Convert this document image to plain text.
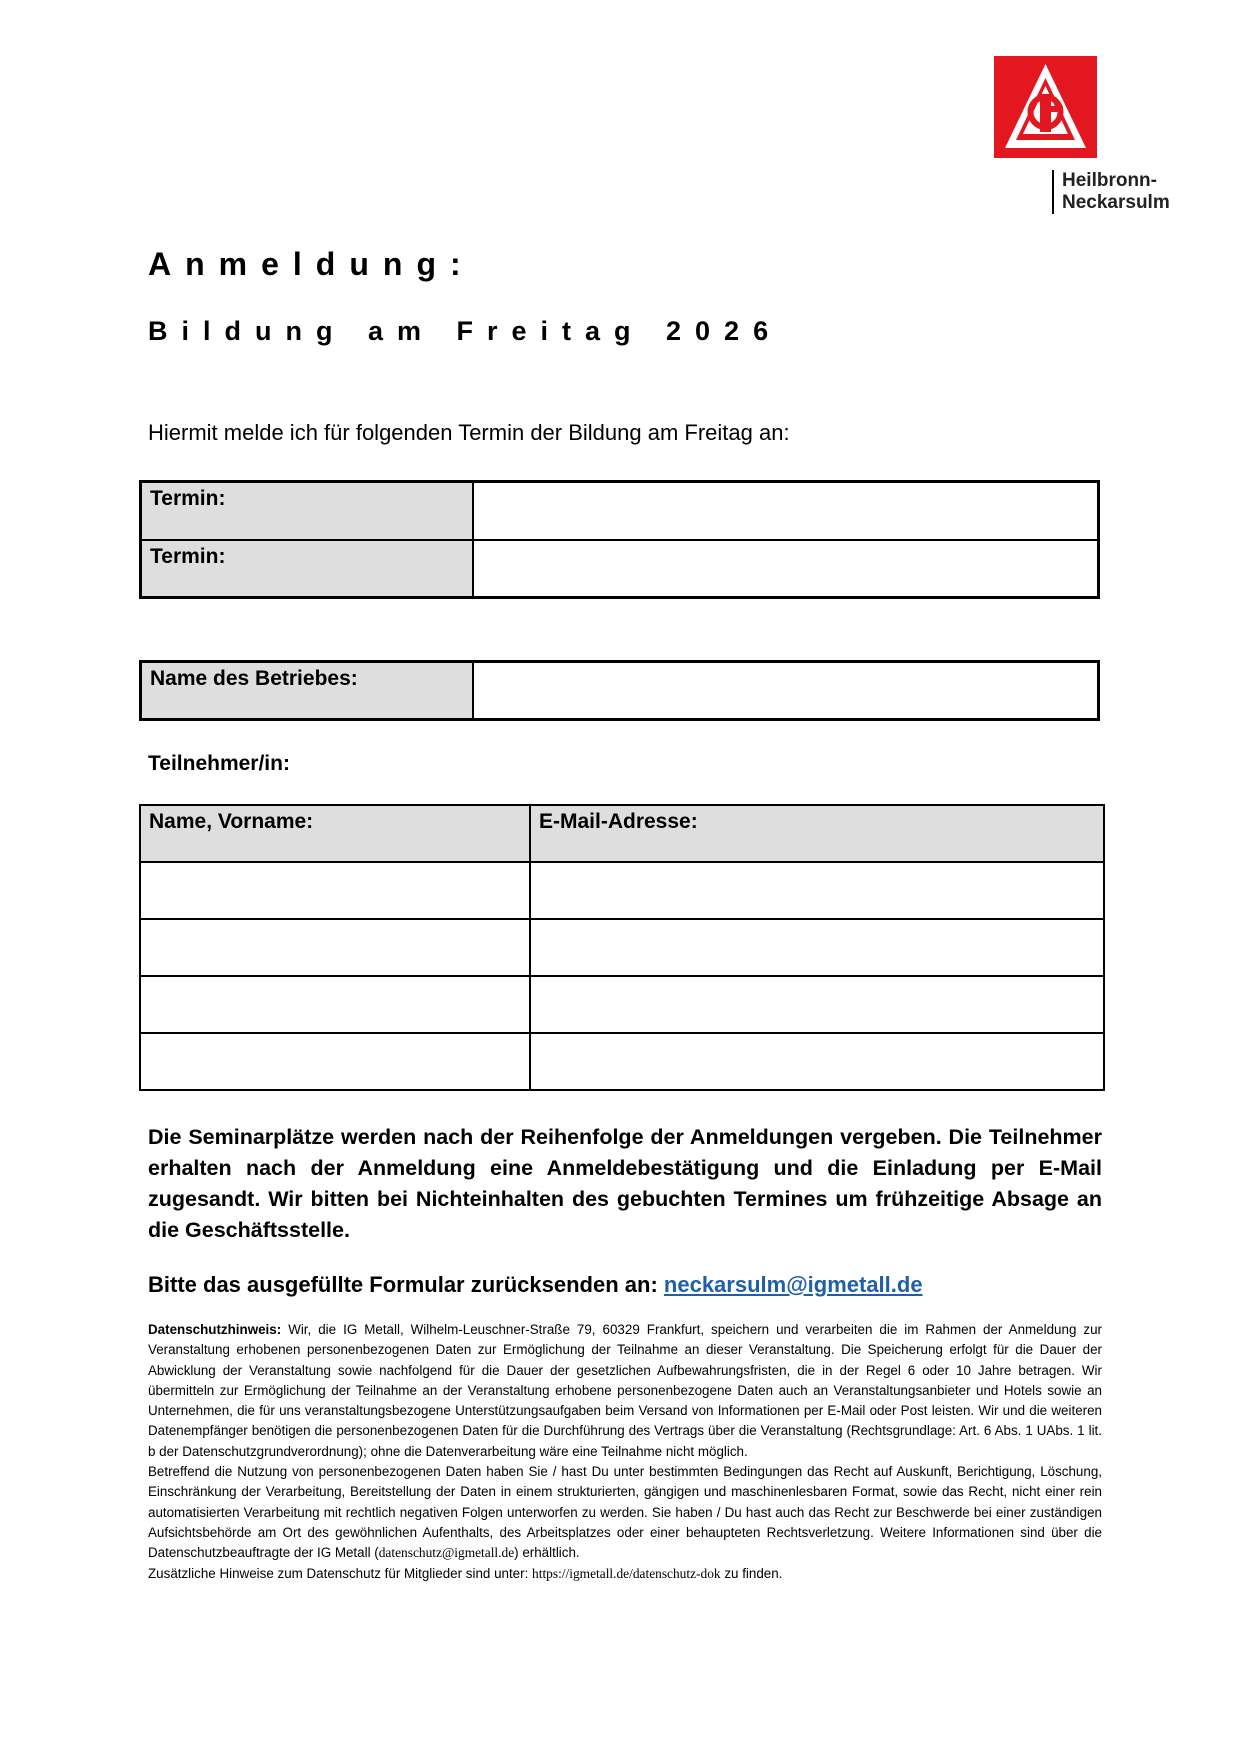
Heilbronn-
Neckarsulm
Anmeldung:
Bildung am Freitag 2026
Hiermit melde ich für folgenden Termin der Bildung am Freitag an:
Termin:	
Termin:	
Name des Betriebes:	
Teilnehmer/in:
Name, Vorname:	E-Mail-Adresse:

Die Seminarplätze werden nach der Reihenfolge der Anmeldungen vergeben. Die Teilnehmer erhalten nach der Anmeldung eine Anmeldebestätigung und die Einladung per E-Mail zugesandt. Wir bitten bei Nichteinhalten des gebuchten Termines um frühzeitige Absage an die Geschäftsstelle.
Bitte das ausgefüllte Formular zurücksenden an: neckarsulm@igmetall.de

Datenschutzhinweis: Wir, die IG Metall, Wilhelm-Leuschner-Straße 79, 60329 Frankfurt, speichern und verarbeiten die im Rahmen der Anmeldung zur Veranstaltung erhobenen personenbezogenen Daten zur Ermöglichung der Teilnahme an dieser Veranstaltung. Die Speicherung erfolgt für die Dauer der Abwicklung der Veranstaltung sowie nachfolgend für die Dauer der gesetzlichen Aufbewahrungsfristen, die in der Regel 6 oder 10 Jahre betragen. Wir übermitteln zur Ermöglichung der Teilnahme an der Veranstaltung erhobene personenbezogene Daten auch an Veranstaltungsanbieter und Hotels sowie an Unternehmen, die für uns veranstaltungsbezogene Unterstützungsaufgaben beim Versand von Informationen per E-Mail oder Post leisten. Wir und die weiteren Datenempfänger benötigen die personenbezogenen Daten für die Durchführung des Vertrags über die Veranstaltung (Rechtsgrundlage: Art. 6 Abs. 1 UAbs. 1 lit. b der Datenschutzgrundverordnung); ohne die Datenverarbeitung wäre eine Teilnahme nicht möglich.

Betreffend die Nutzung von personenbezogenen Daten haben Sie / hast Du unter bestimmten Bedingungen das Recht auf Auskunft, Berichtigung, Löschung, Einschränkung der Verarbeitung, Bereitstellung der Daten in einem strukturierten, gängigen und maschinenlesbaren Format, sowie das Recht, nicht einer rein automatisierten Verarbeitung mit rechtlich negativen Folgen unterworfen zu werden. Sie haben / Du hast auch das Recht zur Beschwerde bei einer zuständigen Aufsichtsbehörde am Ort des gewöhnlichen Aufenthalts, des Arbeitsplatzes oder einer behaupteten Rechtsverletzung. Weitere Informationen sind über die Datenschutzbeauftragte der IG Metall (datenschutz@igmetall.de) erhältlich.

Zusätzliche Hinweise zum Datenschutz für Mitglieder sind unter: https://igmetall.de/datenschutz-dok zu finden.
